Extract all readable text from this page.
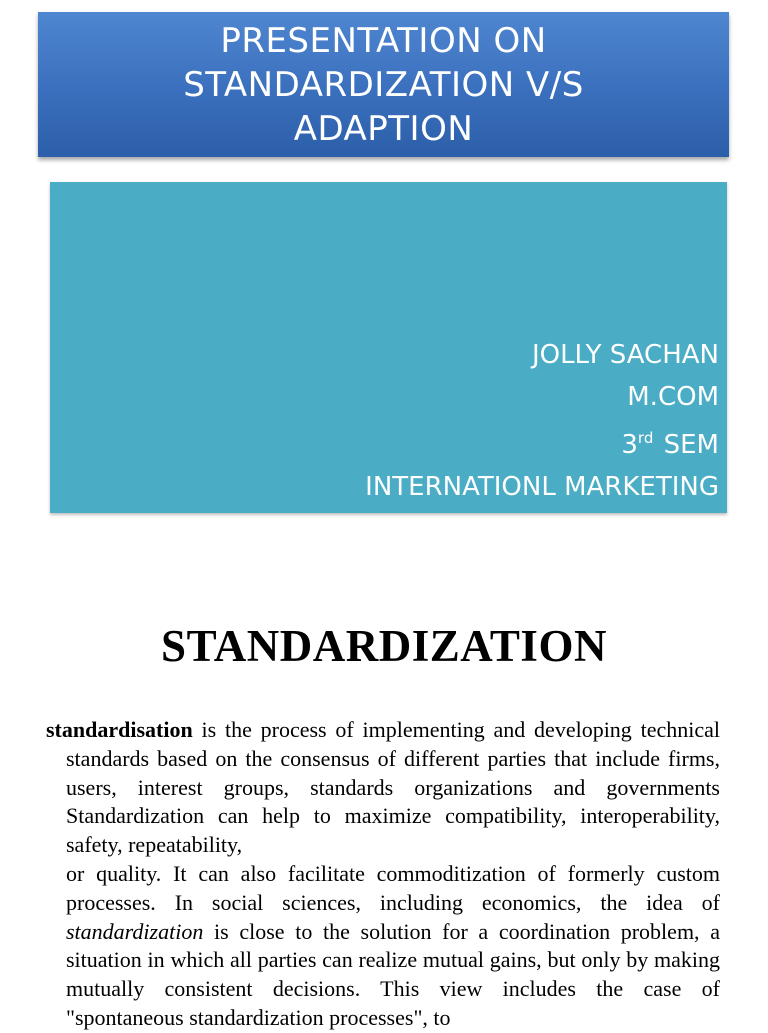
PRESENTATION ON STANDARDIZATION V/S ADAPTION
JOLLY SACHAN
M.COM
3rd SEM
INTERNATIONL MARKETING
STANDARDIZATION
standardisation is the process of implementing and developing technical standards based on the consensus of different parties that include firms, users, interest groups, standards organizations and governments Standardization can help to maximize compatibility, interoperability, safety, repeatability,
or quality. It can also facilitate commoditization of formerly custom processes. In social sciences, including economics, the idea of standardization is close to the solution for a coordination problem, a situation in which all parties can realize mutual gains, but only by making mutually consistent decisions. This view includes the case of "spontaneous standardization processes", to
